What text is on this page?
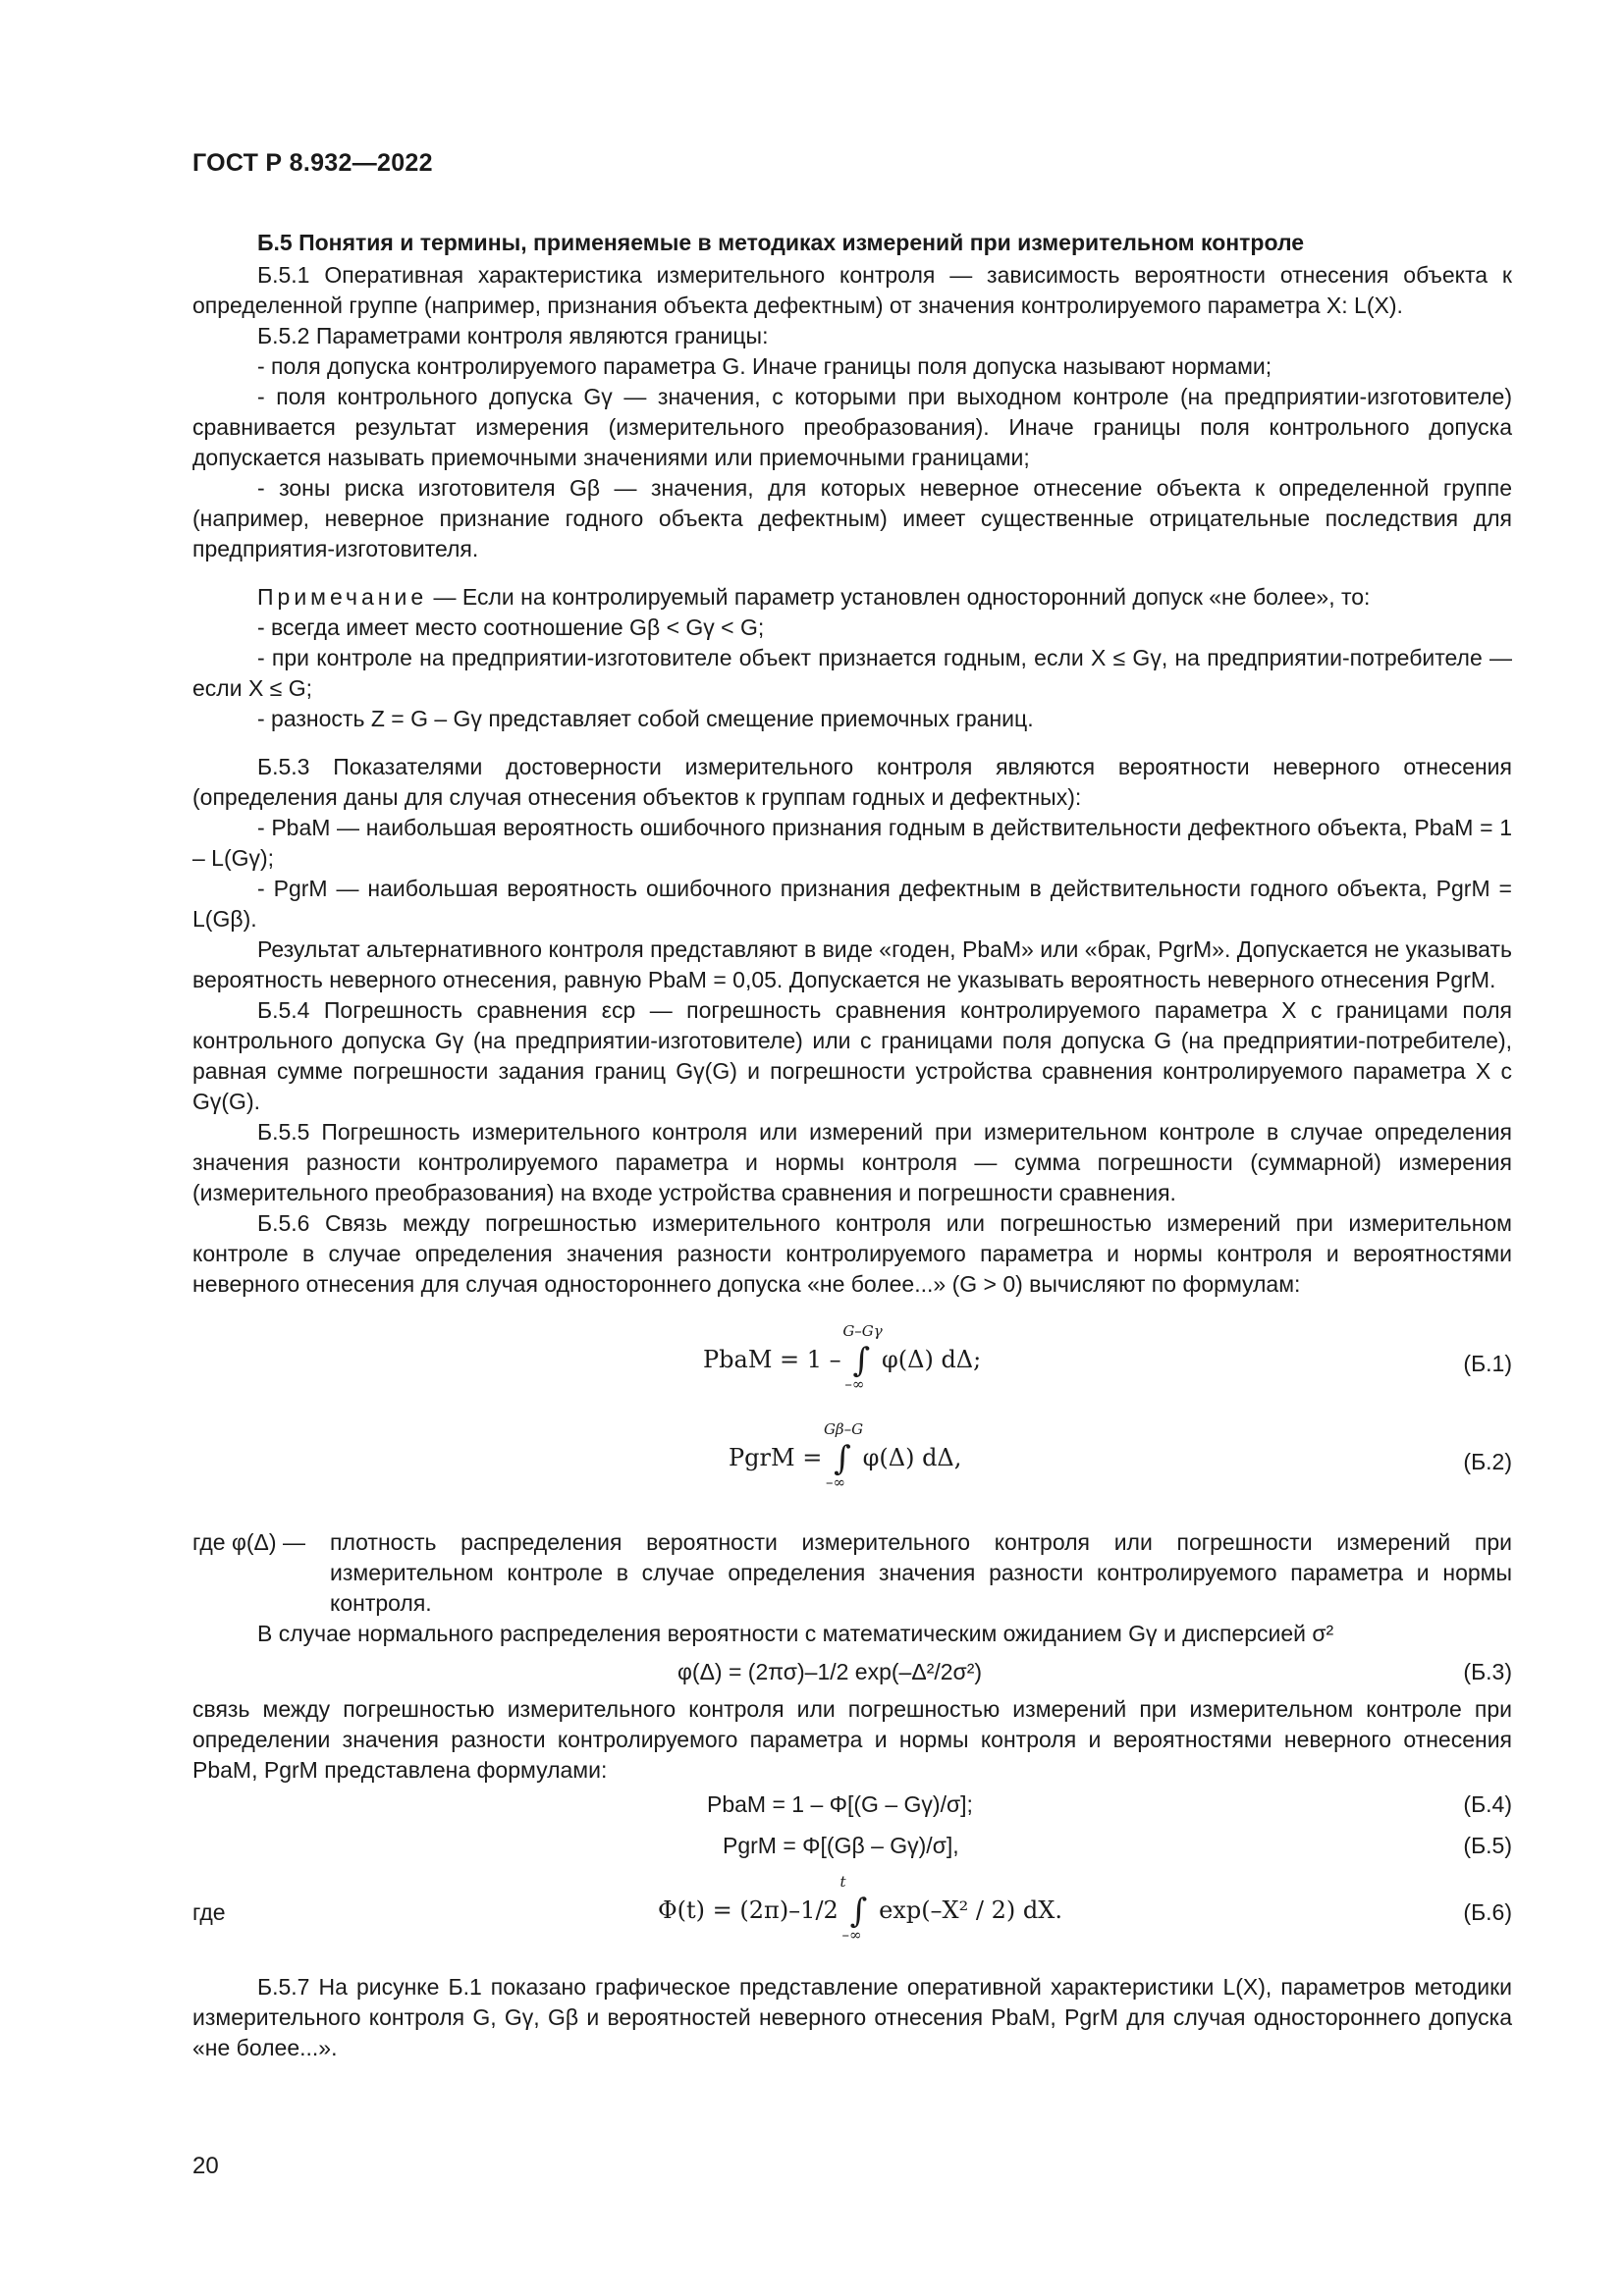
ГОСТ Р 8.932—2022

Б.5 Понятия и термины, применяемые в методиках измерений при измерительном контроле

Б.5.1 Оперативная характеристика измерительного контроля — зависимость вероятности отнесения объекта к определенной группе (например, признания объекта дефектным) от значения контролируемого параметра X: L(X).

Б.5.2 Параметрами контроля являются границы:

- поля допуска контролируемого параметра G. Иначе границы поля допуска называют нормами;

- поля контрольного допуска Gγ — значения, с которыми при выходном контроле (на предприятии-изготовителе) сравнивается результат измерения (измерительного преобразования). Иначе границы поля контрольного допуска допускается называть приемочными значениями или приемочными границами;

- зоны риска изготовителя Gβ — значения, для которых неверное отнесение объекта к определенной группе (например, неверное признание годного объекта дефектным) имеет существенные отрицательные последствия для предприятия-изготовителя.

Примечание — Если на контролируемый параметр установлен односторонний допуск «не более», то:

- всегда имеет место соотношение Gβ < Gγ < G;

- при контроле на предприятии-изготовителе объект признается годным, если X ≤ Gγ, на предприятии-потребителе — если X ≤ G;

- разность Z = G – Gγ представляет собой смещение приемочных границ.

Б.5.3 Показателями достоверности измерительного контроля являются вероятности неверного отнесения (определения даны для случая отнесения объектов к группам годных и дефектных):

- PbaM — наибольшая вероятность ошибочного признания годным в действительности дефектного объекта, PbaM = 1 – L(Gγ);

- PgrM — наибольшая вероятность ошибочного признания дефектным в действительности годного объекта, PgrM = L(Gβ).

Результат альтернативного контроля представляют в виде «годен, PbaM» или «брак, PgrM». Допускается не указывать вероятность неверного отнесения, равную PbaM = 0,05. Допускается не указывать вероятность неверного отнесения PgrM.

Б.5.4 Погрешность сравнения εср — погрешность сравнения контролируемого параметра X с границами поля контрольного допуска Gγ (на предприятии-изготовителе) или с границами поля допуска G (на предприятии-потребителе), равная сумме погрешности задания границ Gγ(G) и погрешности устройства сравнения контролируемого параметра X с Gγ(G).

Б.5.5 Погрешность измерительного контроля или измерений при измерительном контроле в случае определения значения разности контролируемого параметра и нормы контроля — сумма погрешности (суммарной) измерения (измерительного преобразования) на входе устройства сравнения и погрешности сравнения.

Б.5.6 Связь между погрешностью измерительного контроля или погрешностью измерений при измерительном контроле в случае определения значения разности контролируемого параметра и нормы контроля и вероятностями неверного отнесения для случая одностороннего допуска «не более...» (G > 0) вычисляют по формулам:

PbaM = 1 – ∫
G–Gγ
–∞
φ(Δ) dΔ;	(Б.1)
PgrM = ∫
Gβ–G
–∞
φ(Δ) dΔ,	(Б.2)
где φ(Δ) —	плотность распределения вероятности измерительного контроля или погрешности измерений при измерительном контроле в случае определения значения разности контролируемого параметра и нормы контроля.

В случае нормального распределения вероятности с математическим ожиданием Gγ и дисперсией σ²

φ(Δ) = (2πσ)–1/2 exp(–Δ²/2σ²)	(Б.3)

связь между погрешностью измерительного контроля или погрешностью измерений при измерительном контроле при определении значения разности контролируемого параметра и нормы контроля и вероятностями неверного отнесения PbaM, PgrM представлена формулами:

PbaM = 1 – Φ[(G – Gγ)/σ];	(Б.4)
PgrM = Φ[(Gβ – Gγ)/σ],	(Б.5)
где	Φ(t) = (2π)–1/2 ∫
t
–∞
exp(–X² / 2) dX.	(Б.6)

Б.5.7 На рисунке Б.1 показано графическое представление оперативной характеристики L(X), параметров методики измерительного контроля G, Gγ, Gβ и вероятностей неверного отнесения PbaM, PgrM для случая одностороннего допуска «не более...».

20
